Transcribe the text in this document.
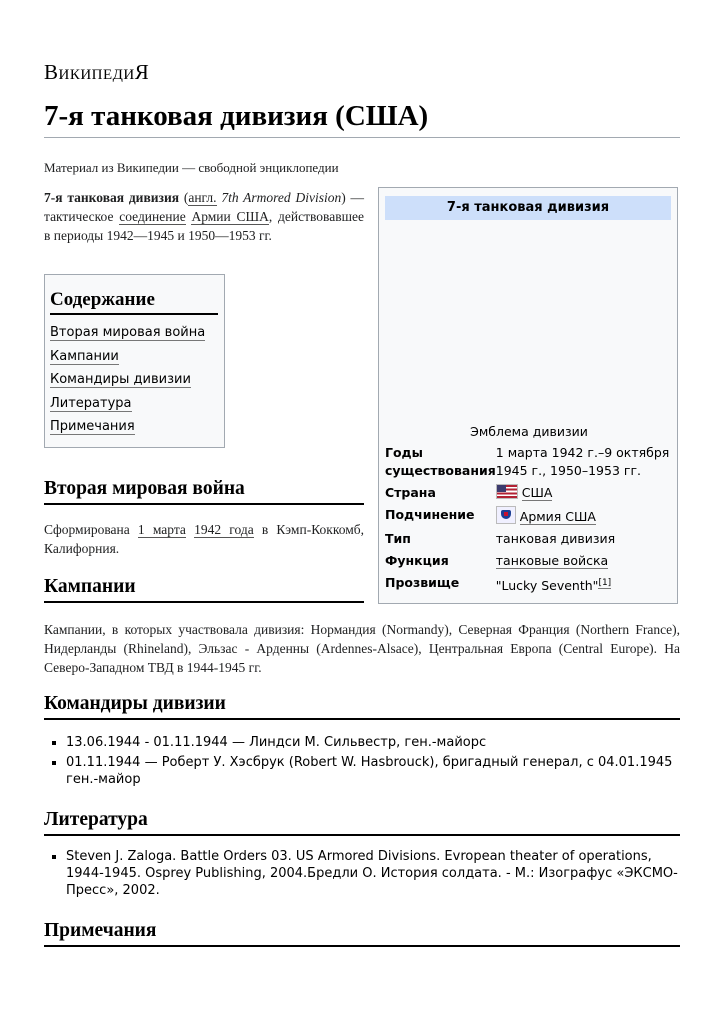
ВикипедиЯ
7-я танковая дивизия (США)
Материал из Википедии — свободной энциклопедии
7-я танковая дивизия (англ. 7th Armored Division) — тактическое соединение Армии США, действовавшее в периоды 1942—1945 и 1950—1953 гг.
Содержание
Вторая мировая война
Кампании
Командиры дивизии
Литература
Примечания
7-я танковая дивизия
Эмблема дивизии
Годы существования	1 марта 1942 г.–9 октября
1945 г., 1950–1953 гг.
Страна	США
Подчинение	Армия США
Тип	танковая дивизия
Функция	танковые войска
Прозвище	"Lucky Seventh"[1]
Вторая мировая война
Сформирована 1 марта 1942 года в Кэмп-Коккомб, Калифорния.
Кампании
Кампании, в которых участвовала дивизия: Нормандия (Normandy), Северная Франция (Northern France), Нидерланды (Rhineland), Эльзас - Арденны (Ardennes-Alsace), Центральная Европа (Central Europe). На Северо-Западном ТВД в 1944-1945 гг.
Командиры дивизии
▪ 13.06.1944 - 01.11.1944 — Линдси М. Сильвестр, ген.-майорс
▪ 01.11.1944 — Роберт У. Хэсбрук (Robert W. Hasbrouck), бригадный генерал, с 04.01.1945 ген.-майор
Литература
▪ Steven J. Zaloga. Battle Orders 03. US Armored Divisions. Evropean theater of operations, 1944-1945. Osprey Publishing, 2004.Бредли О. История солдата. - М.: Изографус «ЭКСМО-Пресс», 2002.
Примечания
